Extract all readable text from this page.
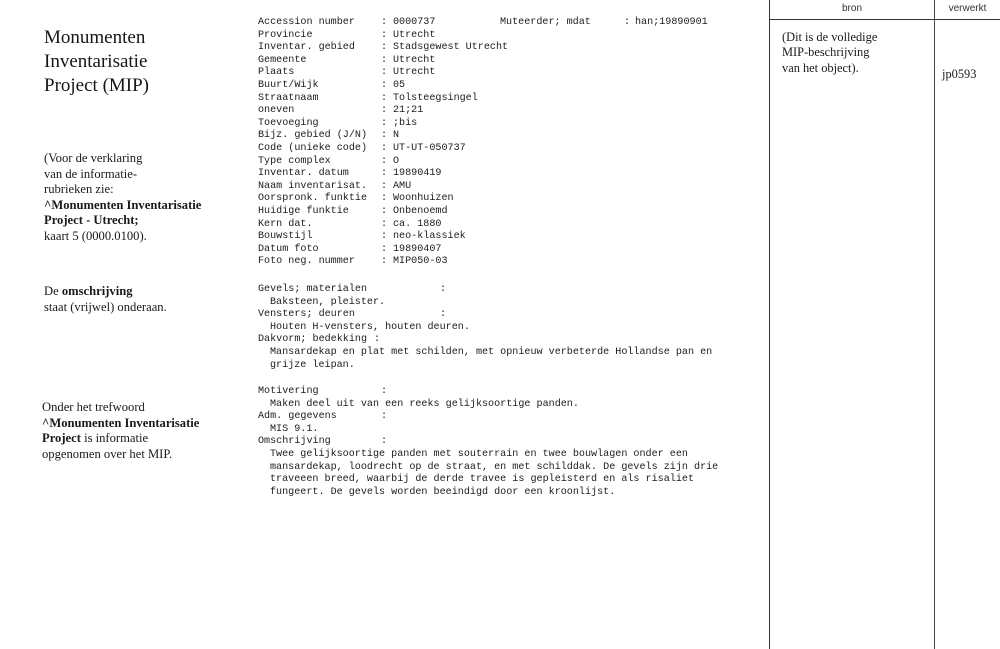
Monumenten
Inventarisatie
Project (MIP)
(Voor de verklaring
van de informatie-
rubrieken zie:
^Monumenten Inventarisatie
Project - Utrecht;
kaart 5 (0000.0100).
De omschrijving
staat (vrijwel) onderaan.
Onder het trefwoord
^Monumenten Inventarisatie
Project is informatie
opgenomen over het MIP.
Accession number	: 0000737	Muteerder; mdat	: han;19890901
Provincie	: Utrecht
Inventar. gebied	: Stadsgewest Utrecht
Gemeente	: Utrecht
Plaats	: Utrecht
Buurt/Wijk	: 05
Straatnaam	: Tolsteegsingel
oneven	: 21;21
Toevoeging	: ;bis
Bijz. gebied (J/N) : N
Code (unieke code) : UT-UT-050737
Type complex	: O
Inventar. datum	: 19890419
Naam inventarisat. : AMU
Oorspronk. funktie : Woonhuizen
Huidige funktie	: Onbenoemd
Kern dat.	: ca. 1880
Bouwstijl	: neo-klassiek
Datum foto	: 19890407
Foto neg. nummer	: MIP050-03
Gevels; materialen	:
Baksteen, pleister.
Vensters; deuren	:
Houten H-vensters, houten deuren.
Dakvorm; bedekking :
Mansardekap en plat met schilden, met opnieuw verbeterde Hollandse pan en
grijze leipan.
Motivering	:
Maken deel uit van een reeks gelijksoortige panden.
Adm. gegevens	:
MIS 9.1.
Omschrijving	:
Twee gelijksoortige panden met souterrain en twee bouwlagen onder een
mansardekap, loodrecht op de straat, en met schilddak. De gevels zijn drie
traveeen breed, waarbij de derde travee is gepleisterd en als risaliet
fungeert. De gevels worden beeindigd door een kroonlijst.
bron	verwerkt
(Dit is de volledige
MIP-beschrijving
van het object).	jp0593
